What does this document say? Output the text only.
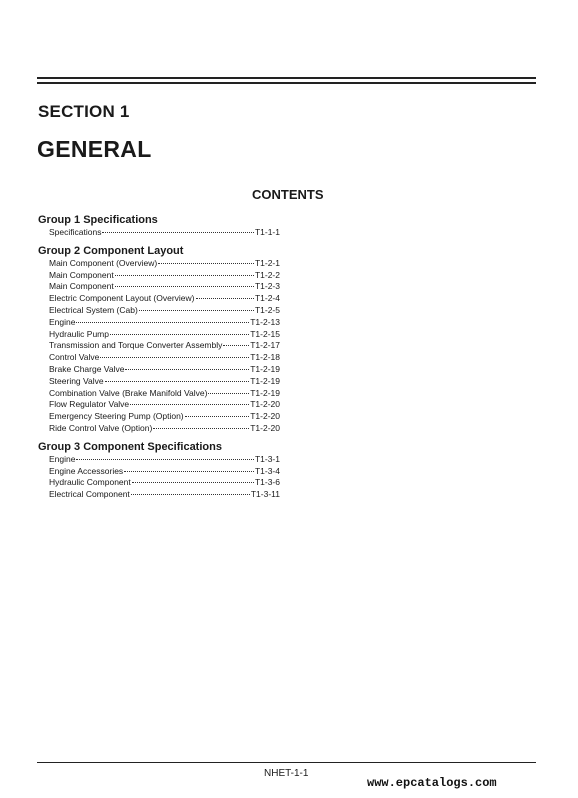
SECTION 1
GENERAL
CONTENTS
Group 1 Specifications
Specifications	T1-1-1
Group 2 Component Layout
Main Component (Overview)	T1-2-1
Main Component	T1-2-2
Main Component	T1-2-3
Electric Component Layout (Overview)	T1-2-4
Electrical System (Cab)	T1-2-5
Engine	T1-2-13
Hydraulic Pump	T1-2-15
Transmission and Torque Converter Assembly	T1-2-17
Control Valve	T1-2-18
Brake Charge Valve	T1-2-19
Steering Valve	T1-2-19
Combination Valve (Brake Manifold Valve)	T1-2-19
Flow Regulator Valve	T1-2-20
Emergency Steering Pump (Option)	T1-2-20
Ride Control Valve (Option)	T1-2-20
Group 3 Component Specifications
Engine	T1-3-1
Engine Accessories	T1-3-4
Hydraulic Component	T1-3-6
Electrical Component	T1-3-11
NHET-1-1
www.epcatalogs.com
